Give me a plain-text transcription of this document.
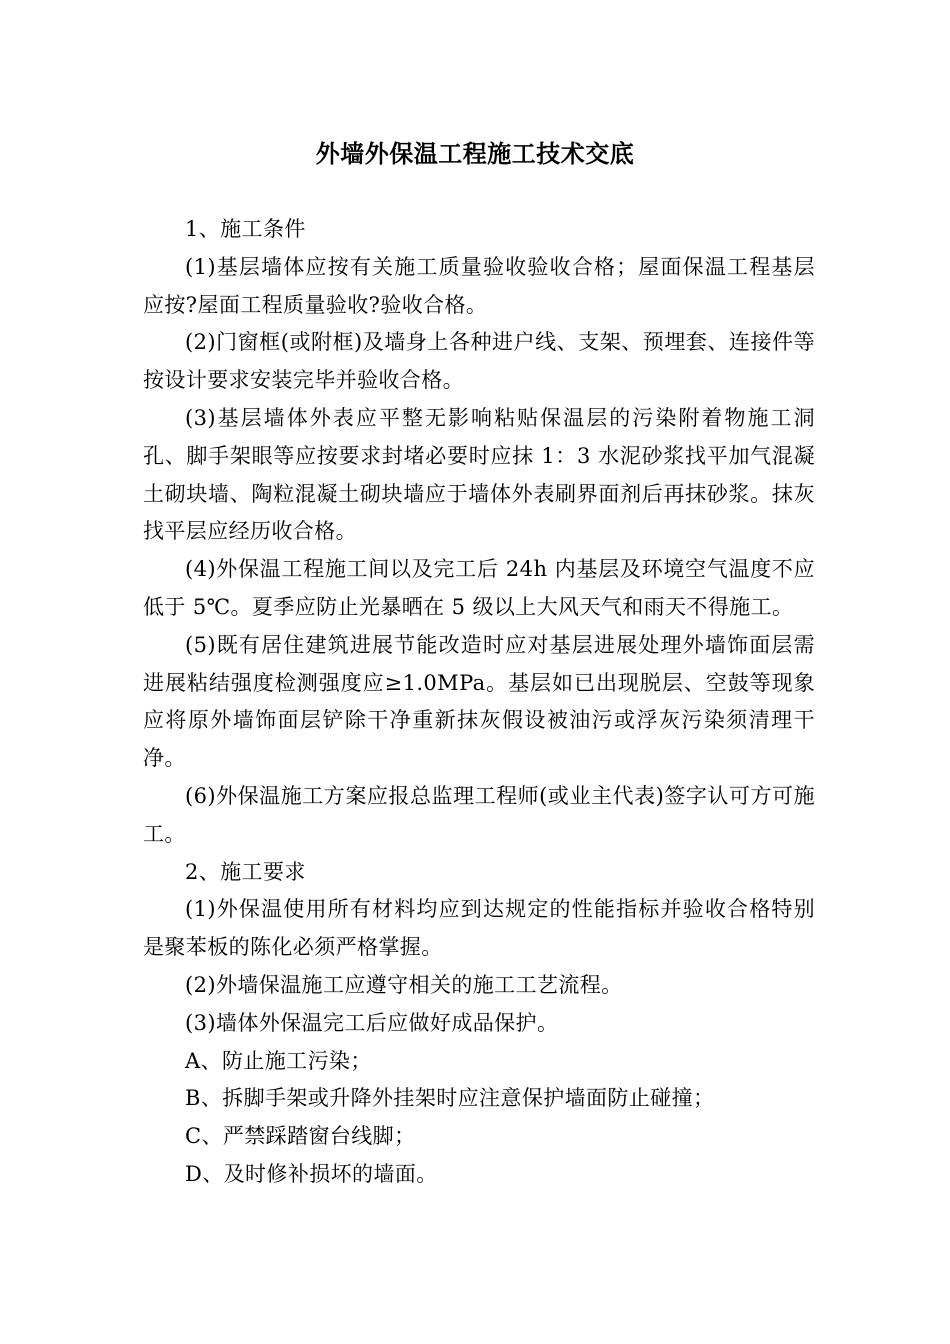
外墙外保温工程施工技术交底

1、施工条件

(1)基层墙体应按有关施工质量验收验收合格；屋面保温工程基层应按?屋面工程质量验收?验收合格。

(2)门窗框(或附框)及墙身上各种进户线、支架、预埋套、连接件等按设计要求安装完毕并验收合格。

(3)基层墙体外表应平整无影响粘贴保温层的污染附着物施工洞孔、脚手架眼等应按要求封堵必要时应抹 1：3 水泥砂浆找平加气混凝土砌块墙、陶粒混凝土砌块墙应于墙体外表刷界面剂后再抹砂浆。抹灰找平层应经历收合格。

(4)外保温工程施工间以及完工后 24h 内基层及环境空气温度不应低于 5℃。夏季应防止光暴晒在 5 级以上大风天气和雨天不得施工。

(5)既有居住建筑进展节能改造时应对基层进展处理外墙饰面层需进展粘结强度检测强度应≥1.0MPa。基层如已出现脱层、空鼓等现象应将原外墙饰面层铲除干净重新抹灰假设被油污或浮灰污染须清理干净。

(6)外保温施工方案应报总监理工程师(或业主代表)签字认可方可施工。

2、施工要求

(1)外保温使用所有材料均应到达规定的性能指标并验收合格特别是聚苯板的陈化必须严格掌握。

(2)外墙保温施工应遵守相关的施工工艺流程。

(3)墙体外保温完工后应做好成品保护。

A、防止施工污染；

B、拆脚手架或升降外挂架时应注意保护墙面防止碰撞；

C、严禁踩踏窗台线脚；

D、及时修补损坏的墙面。
